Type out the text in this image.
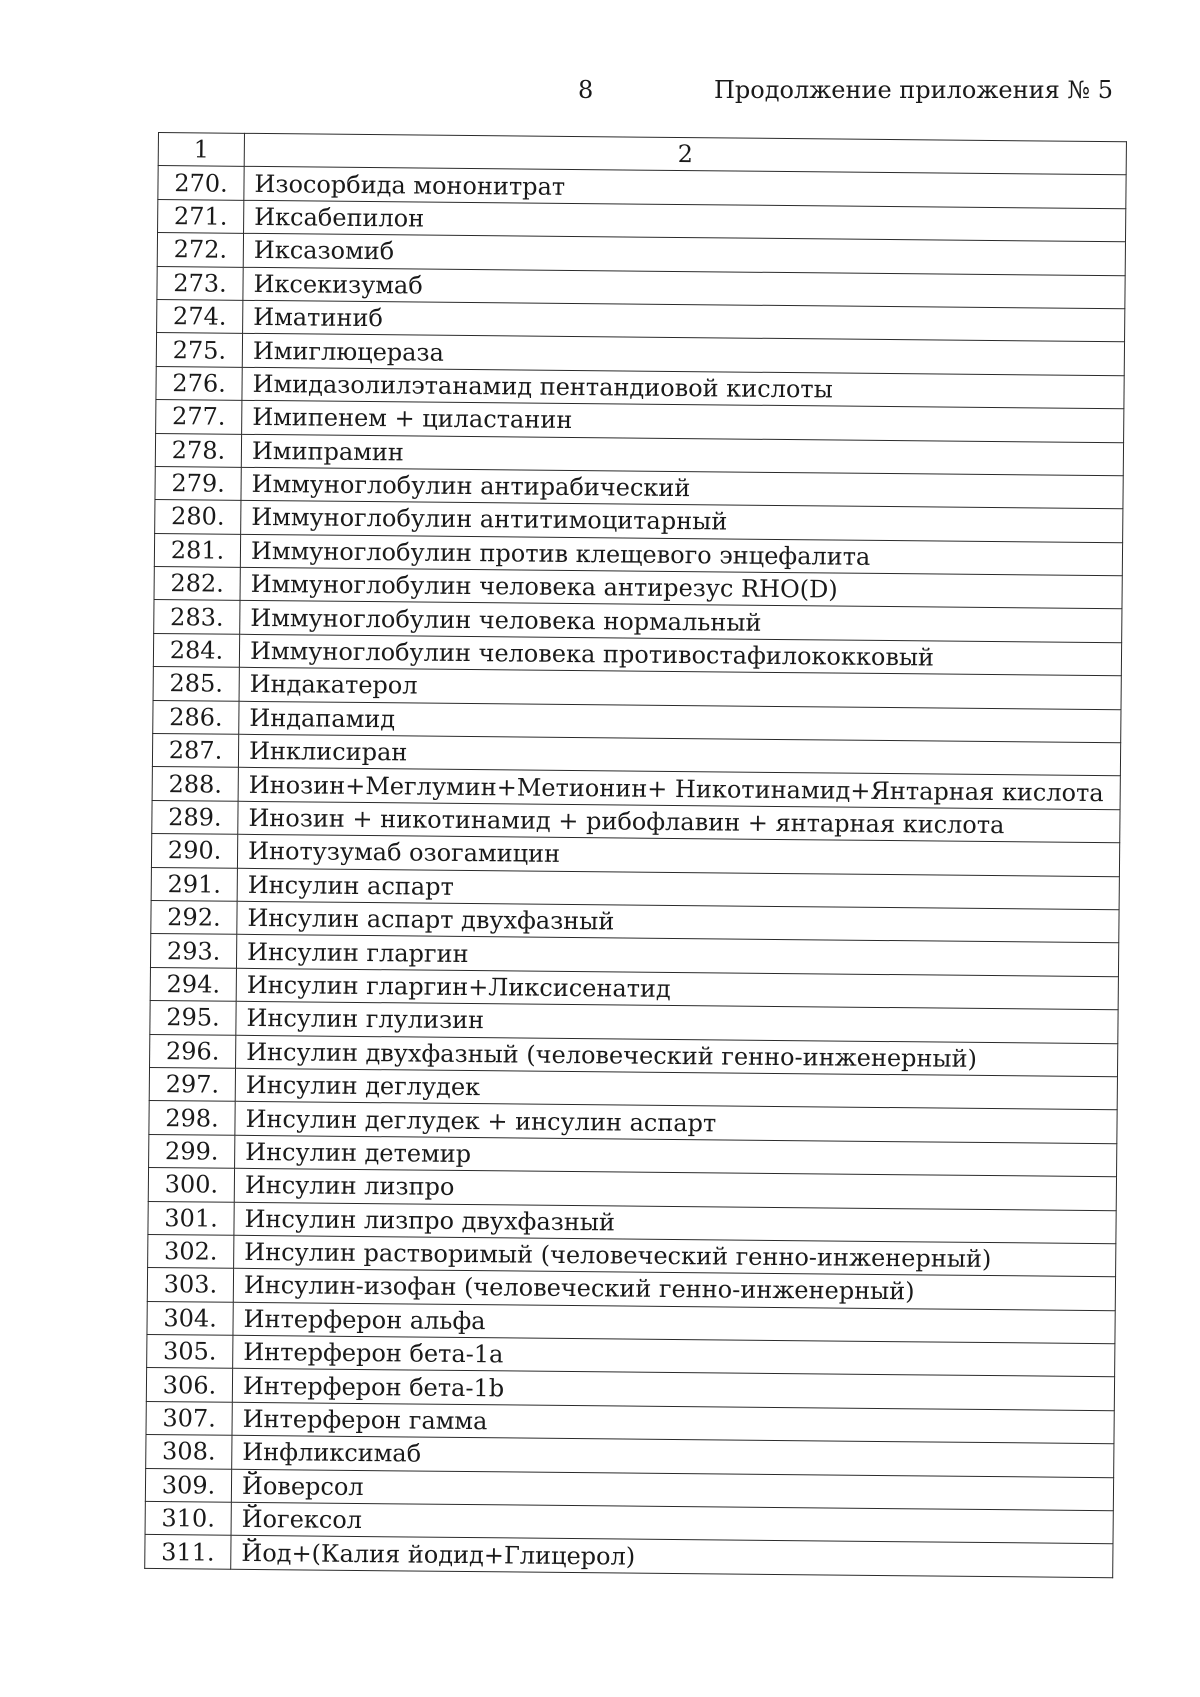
8	Продолжение приложения № 5
1	2
270.	Изосорбида мононитрат
271.	Иксабепилон
272.	Иксазомиб
273.	Иксекизумаб
274.	Иматиниб
275.	Имиглюцераза
276.	Имидазолилэтанамид пентандиовой кислоты
277.	Имипенем + циластанин
278.	Имипрамин
279.	Иммуноглобулин антирабический
280.	Иммуноглобулин антитимоцитарный
281.	Иммуноглобулин против клещевого энцефалита
282.	Иммуноглобулин человека антирезус RHO(D)
283.	Иммуноглобулин человека нормальный
284.	Иммуноглобулин человека противостафилококковый
285.	Индакатерол
286.	Индапамид
287.	Инклисиран
288.	Инозин+Меглумин+Метионин+ Никотинамид+Янтарная кислота
289.	Инозин + никотинамид + рибофлавин + янтарная кислота
290.	Инотузумаб озогамицин
291.	Инсулин аспарт
292.	Инсулин аспарт двухфазный
293.	Инсулин гларгин
294.	Инсулин гларгин+Ликсисенатид
295.	Инсулин глулизин
296.	Инсулин двухфазный (человеческий генно-инженерный)
297.	Инсулин деглудек
298.	Инсулин деглудек + инсулин аспарт
299.	Инсулин детемир
300.	Инсулин лизпро
301.	Инсулин лизпро двухфазный
302.	Инсулин растворимый (человеческий генно-инженерный)
303.	Инсулин-изофан (человеческий генно-инженерный)
304.	Интерферон альфа
305.	Интерферон бета-1a
306.	Интерферон бета-1b
307.	Интерферон гамма
308.	Инфликсимаб
309.	Йоверсол
310.	Йогексол
311.	Йод+(Калия йодид+Глицерол)
